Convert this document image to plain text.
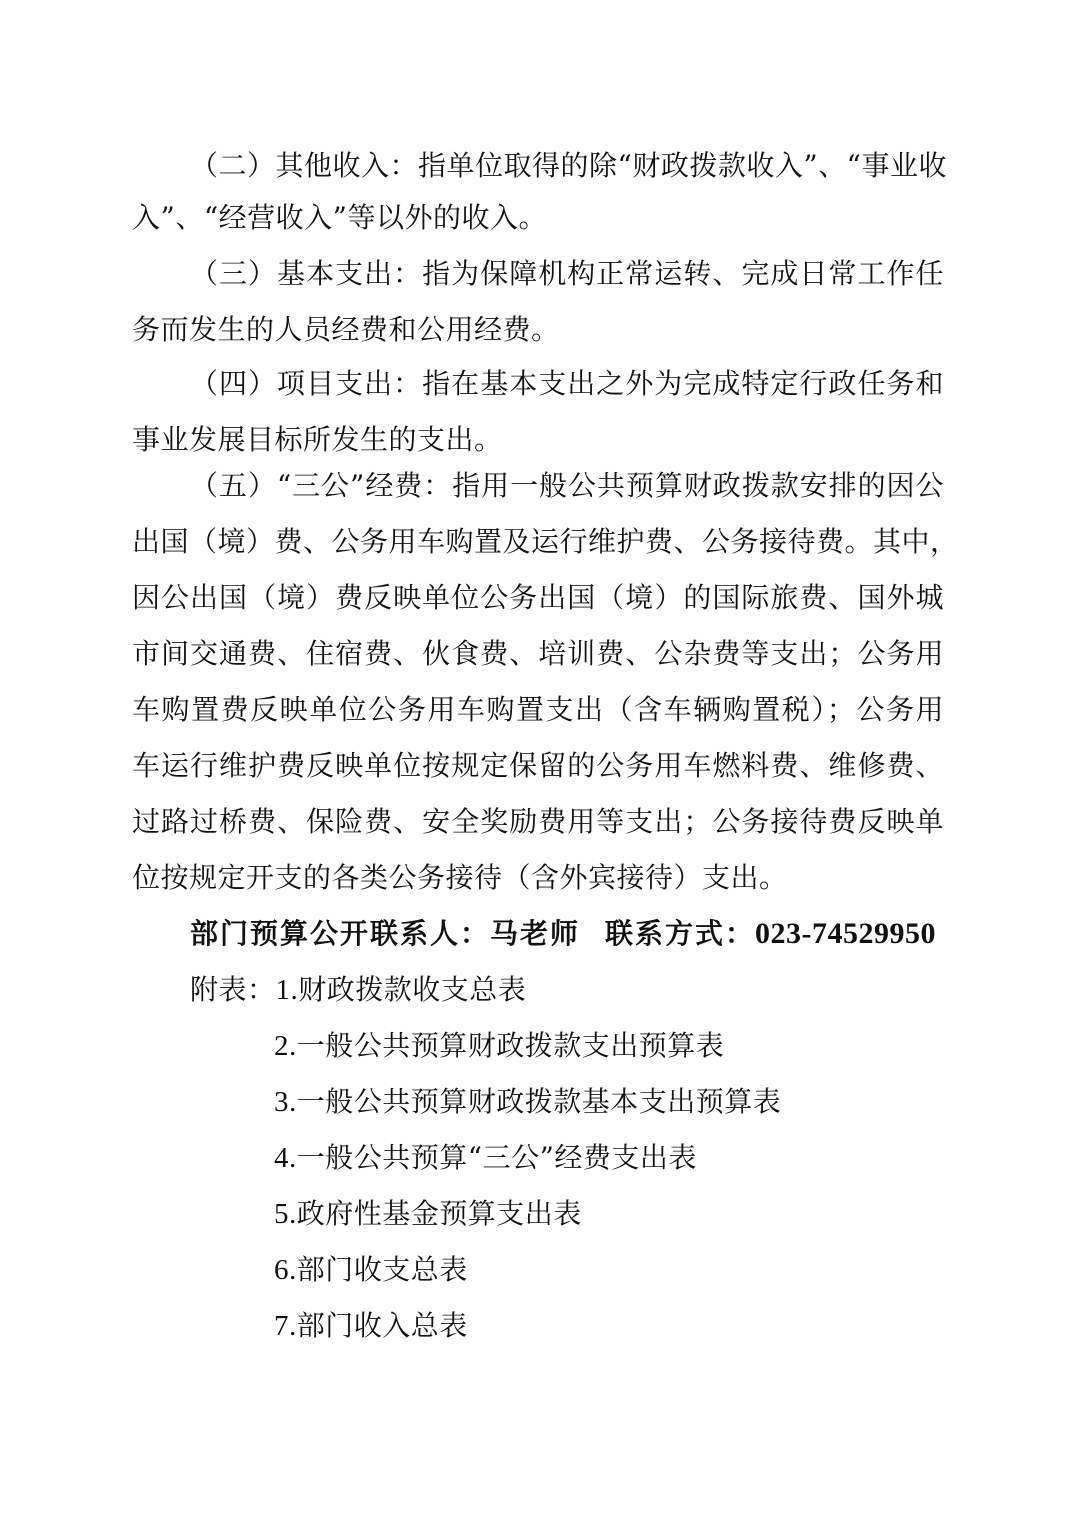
（二）其他收入：指单位取得的除“财政拨款收入”、“事业收
入”、“经营收入”等以外的收入。
（三）基本支出：指为保障机构正常运转、完成日常工作任
务而发生的人员经费和公用经费。
（四）项目支出：指在基本支出之外为完成特定行政任务和
事业发展目标所发生的支出。
（五）“三公”经费：指用一般公共预算财政拨款安排的因公
出国（境）费、公务用车购置及运行维护费、公务接待费。其中，
因公出国（境）费反映单位公务出国（境）的国际旅费、国外城
市间交通费、住宿费、伙食费、培训费、公杂费等支出；公务用
车购置费反映单位公务用车购置支出（含车辆购置税）；公务用
车运行维护费反映单位按规定保留的公务用车燃料费、维修费、
过路过桥费、保险费、安全奖励费用等支出；公务接待费反映单
位按规定开支的各类公务接待（含外宾接待）支出。
部门预算公开联系人：马老师 联系方式： 023-74529950
附表：1.财政拨款收支总表
2.一般公共预算财政拨款支出预算表
3.一般公共预算财政拨款基本支出预算表
4.一般公共预算“三公”经费支出表
5.政府性基金预算支出表
6.部门收支总表
7.部门收入总表
